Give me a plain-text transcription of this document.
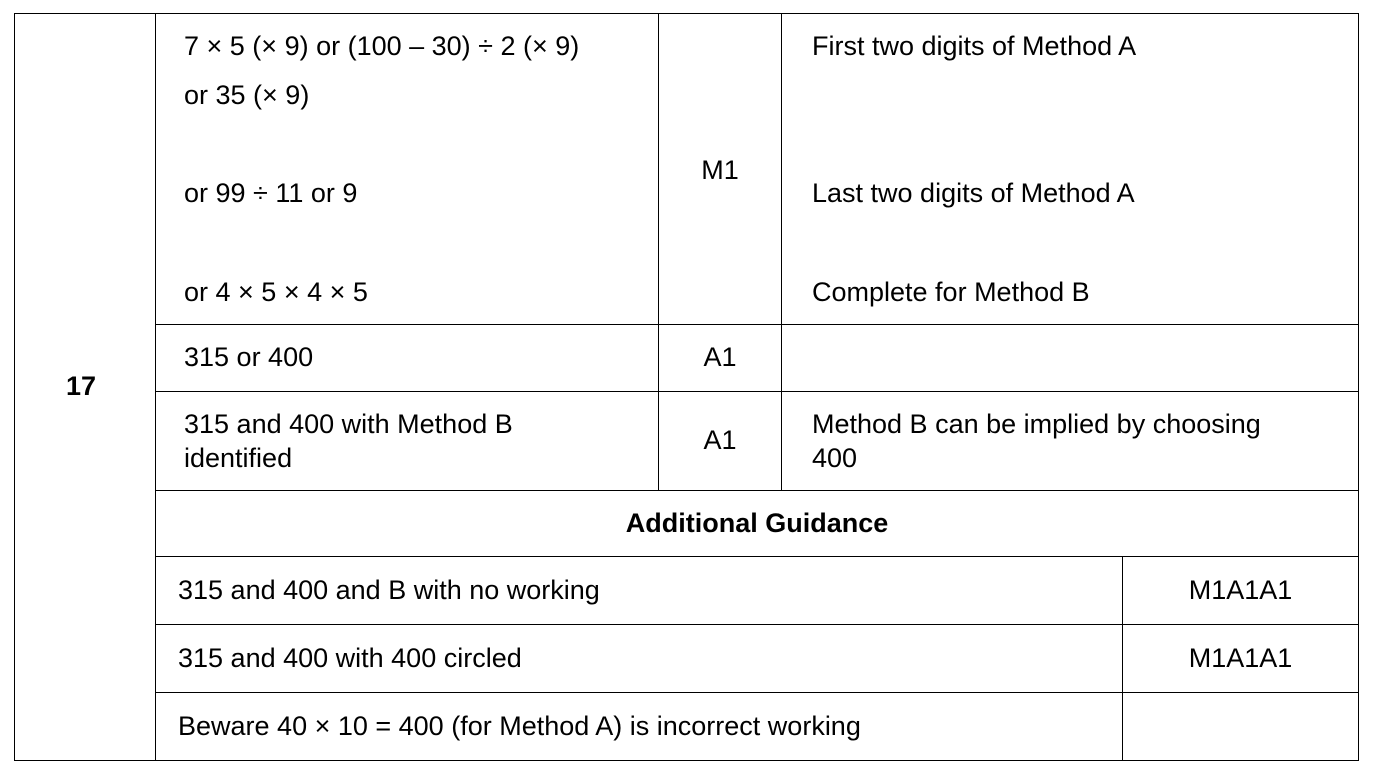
17	7 × 5 (× 9) or (100 – 30) ÷ 2 (× 9)
or 35 (× 9)
or 99 ÷ 11 or 9
or 4 × 5 × 4 × 5	M1	First two digits of Method A
Last two digits of Method A
Complete for Method B	

	315 or 400	A1		

	315 and 400 with Method B
identified	A1	Method B can be implied by choosing
400	

	Additional Guidance			
	315 and 400 and B with no working			M1A1A1
	315 and 400 with 400 circled			M1A1A1
	Beware 40 × 10 = 400 (for Method A) is incorrect working			
